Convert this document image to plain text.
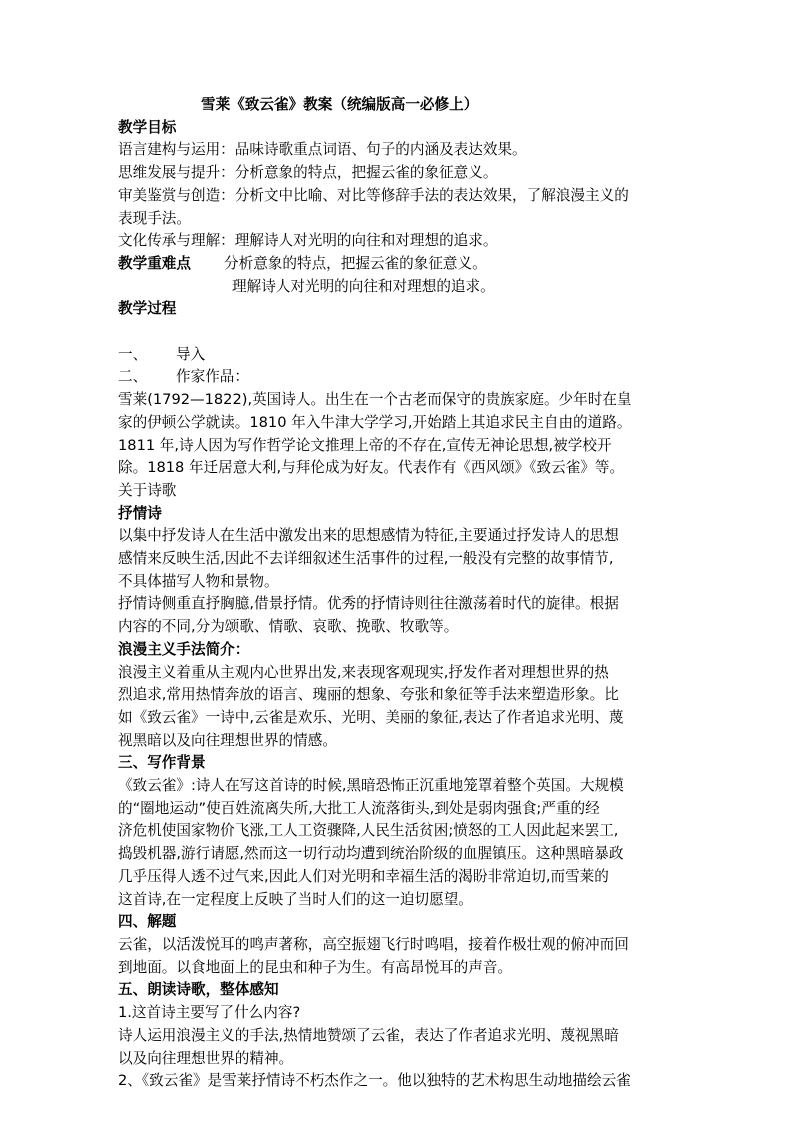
雪莱《致云雀》教案（统编版高一必修上）

教学目标

语言建构与运用：品味诗歌重点词语、句子的内涵及表达效果。

思维发展与提升：分析意象的特点，把握云雀的象征意义。

审美鉴赏与创造：分析文中比喻、对比等修辞手法的表达效果，了解浪漫主义的

表现手法。

文化传承与理解：理解诗人对光明的向往和对理想的追求。

教学重难点	分析意象的特点，把握云雀的象征意义。

理解诗人对光明的向往和对理想的追求。

教学过程

一、	导入
二、	作家作品：

雪莱(1792—1822),英国诗人。出生在一个古老而保守的贵族家庭。少年时在皇

家的伊顿公学就读。1810 年入牛津大学学习,开始踏上其追求民主自由的道路。

1811 年,诗人因为写作哲学论文推理上帝的不存在,宣传无神论思想,被学校开

除。1818 年迁居意大利,与拜伦成为好友。代表作有《西风颂》《致云雀》等。

关于诗歌

抒情诗

以集中抒发诗人在生活中激发出来的思想感情为特征,主要通过抒发诗人的思想

感情来反映生活,因此不去详细叙述生活事件的过程,一般没有完整的故事情节,

不具体描写人物和景物。

抒情诗侧重直抒胸臆,借景抒情。优秀的抒情诗则往往激荡着时代的旋律。根据

内容的不同,分为颂歌、情歌、哀歌、挽歌、牧歌等。

浪漫主义手法简介：

浪漫主义着重从主观内心世界出发,来表现客观现实,抒发作者对理想世界的热

烈追求,常用热情奔放的语言、瑰丽的想象、夸张和象征等手法来塑造形象。比

如《致云雀》一诗中,云雀是欢乐、光明、美丽的象征,表达了作者追求光明、蔑

视黑暗以及向往理想世界的情感。

三、写作背景

《致云雀》:诗人在写这首诗的时候,黑暗恐怖正沉重地笼罩着整个英国。大规模

的“圈地运动”使百姓流离失所,大批工人流落街头,到处是弱肉强食;严重的经

济危机使国家物价飞涨,工人工资骤降,人民生活贫困;愤怒的工人因此起来罢工,

捣毁机器,游行请愿,然而这一切行动均遭到统治阶级的血腥镇压。这种黑暗暴政

几乎压得人透不过气来,因此人们对光明和幸福生活的渴盼非常迫切,而雪莱的

这首诗,在一定程度上反映了当时人们的这一迫切愿望。

四、解题

云雀，以活泼悦耳的鸣声著称，高空振翅飞行时鸣唱，接着作极壮观的俯冲而回

到地面。以食地面上的昆虫和种子为生。有高昂悦耳的声音。

五、朗读诗歌，整体感知

1.这首诗主要写了什么内容?

诗人运用浪漫主义的手法,热情地赞颂了云雀，表达了作者追求光明、蔑视黑暗

以及向往理想世界的精神。

2、《致云雀》是雪莱抒情诗不朽杰作之一。他以独特的艺术构思生动地描绘云雀
